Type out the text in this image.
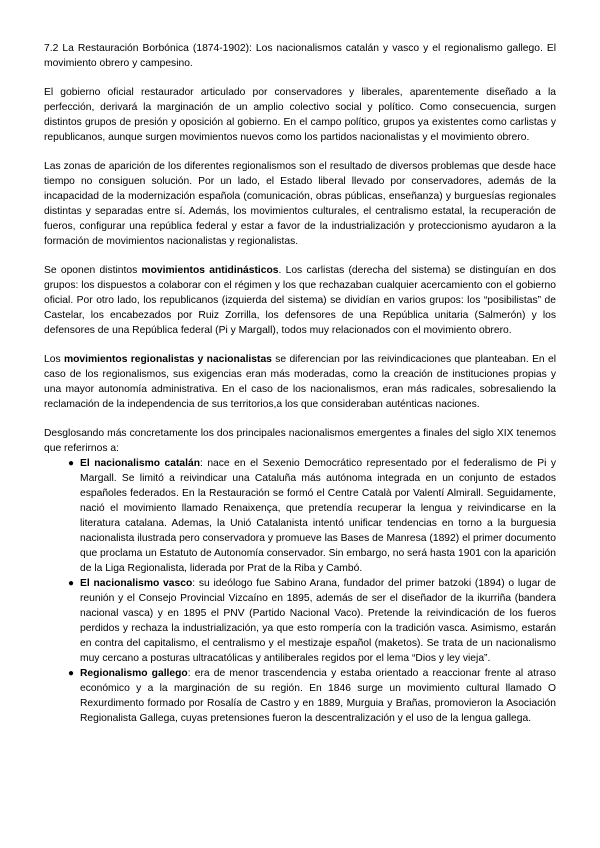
7.2 La Restauración Borbónica (1874-1902): Los nacionalismos catalán y vasco y el regionalismo gallego. El movimiento obrero y campesino.

El gobierno oficial restaurador articulado por conservadores y liberales, aparentemente diseñado a la perfección, derivará la marginación de un amplio colectivo social y político. Como consecuencia, surgen distintos grupos de presión y oposición al gobierno. En el campo político, grupos ya existentes como carlistas y republicanos, aunque surgen movimientos nuevos como los partidos nacionalistas y el movimiento obrero.

Las zonas de aparición de los diferentes regionalismos son el resultado de diversos problemas que desde hace tiempo no consiguen solución. Por un lado, el Estado liberal llevado por conservadores, además de la incapacidad de la modernización española (comunicación, obras públicas, enseñanza) y burguesías regionales distintas y separadas entre sí. Además, los movimientos culturales, el centralismo estatal, la recuperación de fueros, configurar una república federal y estar a favor de la industrialización y proteccionismo ayudaron a la formación de movimientos nacionalistas y regionalistas.

Se oponen distintos movimientos antidinásticos. Los carlistas (derecha del sistema) se distinguían en dos grupos: los dispuestos a colaborar con el régimen y los que rechazaban cualquier acercamiento con el gobierno oficial. Por otro lado, los republicanos (izquierda del sistema) se dividían en varios grupos: los “posibilistas” de Castelar, los encabezados por Ruiz Zorrilla, los defensores de una República unitaria (Salmerón) y los defensores de una República federal (Pi y Margall), todos muy relacionados con el movimiento obrero.

Los movimientos regionalistas y nacionalistas se diferencian por las reivindicaciones que planteaban. En el caso de los regionalismos, sus exigencias eran más moderadas, como la creación de instituciones propias y una mayor autonomía administrativa. En el caso de los nacionalismos, eran más radicales, sobresaliendo la reclamación de la independencia de sus territorios,a los que consideraban auténticas naciones.

Desglosando más concretamente los dos principales nacionalismos emergentes a finales del siglo XIX tenemos que referirnos a:

● El nacionalismo catalán: nace en el Sexenio Democrático representado por el federalismo de Pi y Margall. Se limitó a reivindicar una Cataluña más autónoma integrada en un conjunto de estados españoles federados. En la Restauración se formó el Centre Català por Valentí Almirall. Seguidamente, nació el movimiento llamado Renaixença, que pretendía recuperar la lengua y reivindicarse en la literatura catalana. Ademas, la Unió Catalanista intentó unificar tendencias en torno a la burguesia nacionalista ilustrada pero conservadora y promueve las Bases de Manresa (1892) el primer documento que proclama un Estatuto de Autonomía conservador. Sin embargo, no será hasta 1901 con la aparición de la Liga Regionalista, liderada por Prat de la Riba y Cambó.
● El nacionalismo vasco: su ideólogo fue Sabino Arana, fundador del primer batzoki (1894) o lugar de reunión y el Consejo Provincial Vizcaíno en 1895, además de ser el diseñador de la ikurriña (bandera nacional vasca) y en 1895 el PNV (Partido Nacional Vaco). Pretende la reivindicación de los fueros perdidos y rechaza la industrialización, ya que esto rompería con la tradición vasca. Asimismo, estarán en contra del capitalismo, el centralismo y el mestizaje español (maketos). Se trata de un nacionalismo muy cercano a posturas ultracatólicas y antiliberales regidos por el lema “Dios y ley vieja”.
● Regionalismo gallego: era de menor trascendencia y estaba orientado a reaccionar frente al atraso económico y a la marginación de su región. En 1846 surge un movimiento cultural llamado O Rexurdimento formado por Rosalía de Castro y en 1889, Murguia y Brañas, promovieron la Asociación Regionalista Gallega, cuyas pretensiones fueron la descentralización y el uso de la lengua gallega.
